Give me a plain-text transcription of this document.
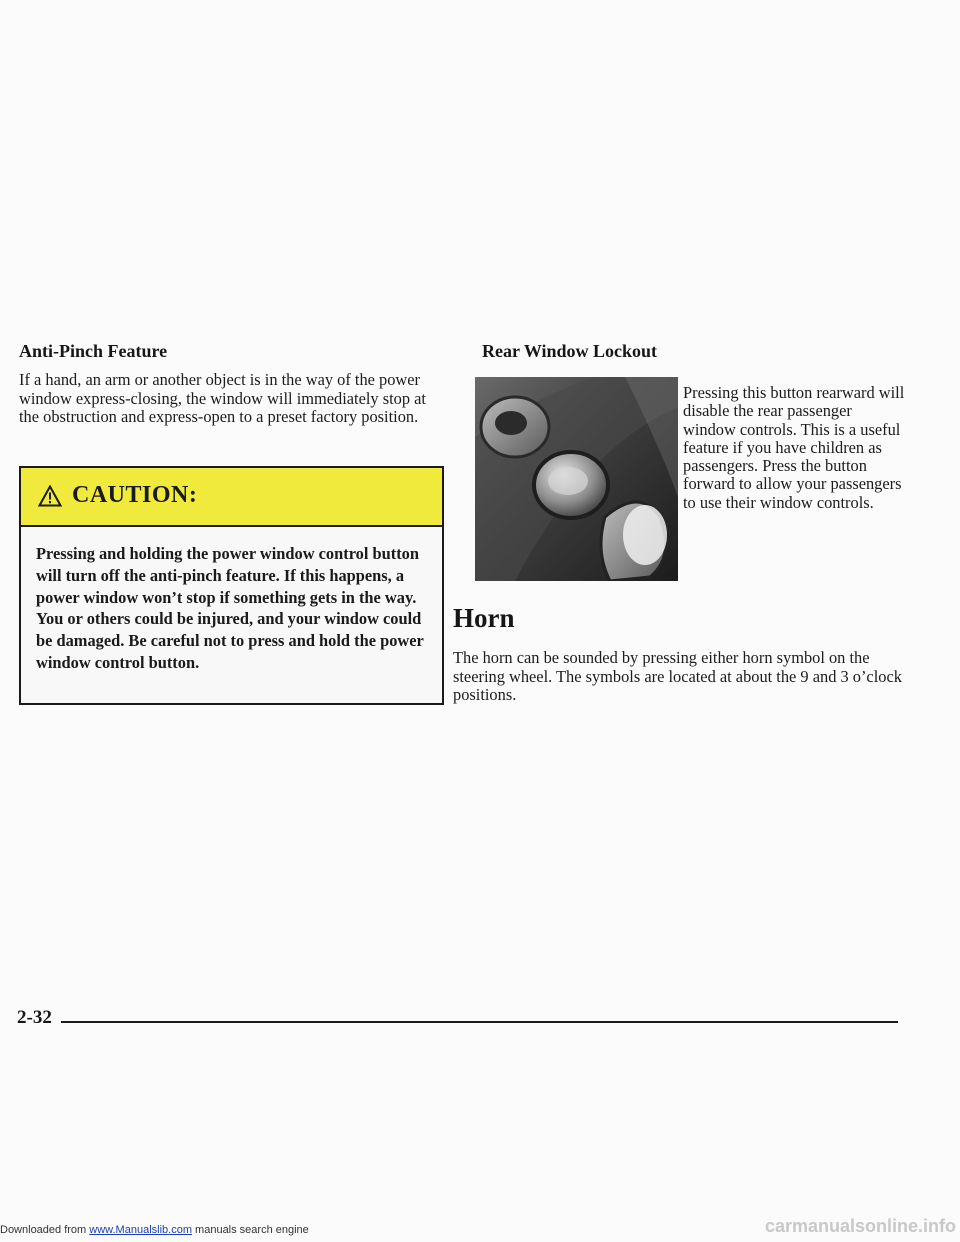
Anti-Pinch Feature

If a hand, an arm or another object is in the way of the power window express-closing, the window will immediately stop at the obstruction and express-open to a preset factory position.

CAUTION:

Pressing and holding the power window control button will turn off the anti-pinch feature. If this happens, a power window won’t stop if something gets in the way. You or others could be injured, and your window could be damaged. Be careful not to press and hold the power window control button.

Rear Window Lockout

Pressing this button rearward will disable the rear passenger window controls. This is a useful feature if you have children as passengers. Press the button forward to allow your passengers to use their window controls.

Horn

The horn can be sounded by pressing either horn symbol on the steering wheel. The symbols are located at about the 9 and 3 o’clock positions.

2-32
Downloaded from www.Manualslib.com manuals search engine	carmanualsonline.info
